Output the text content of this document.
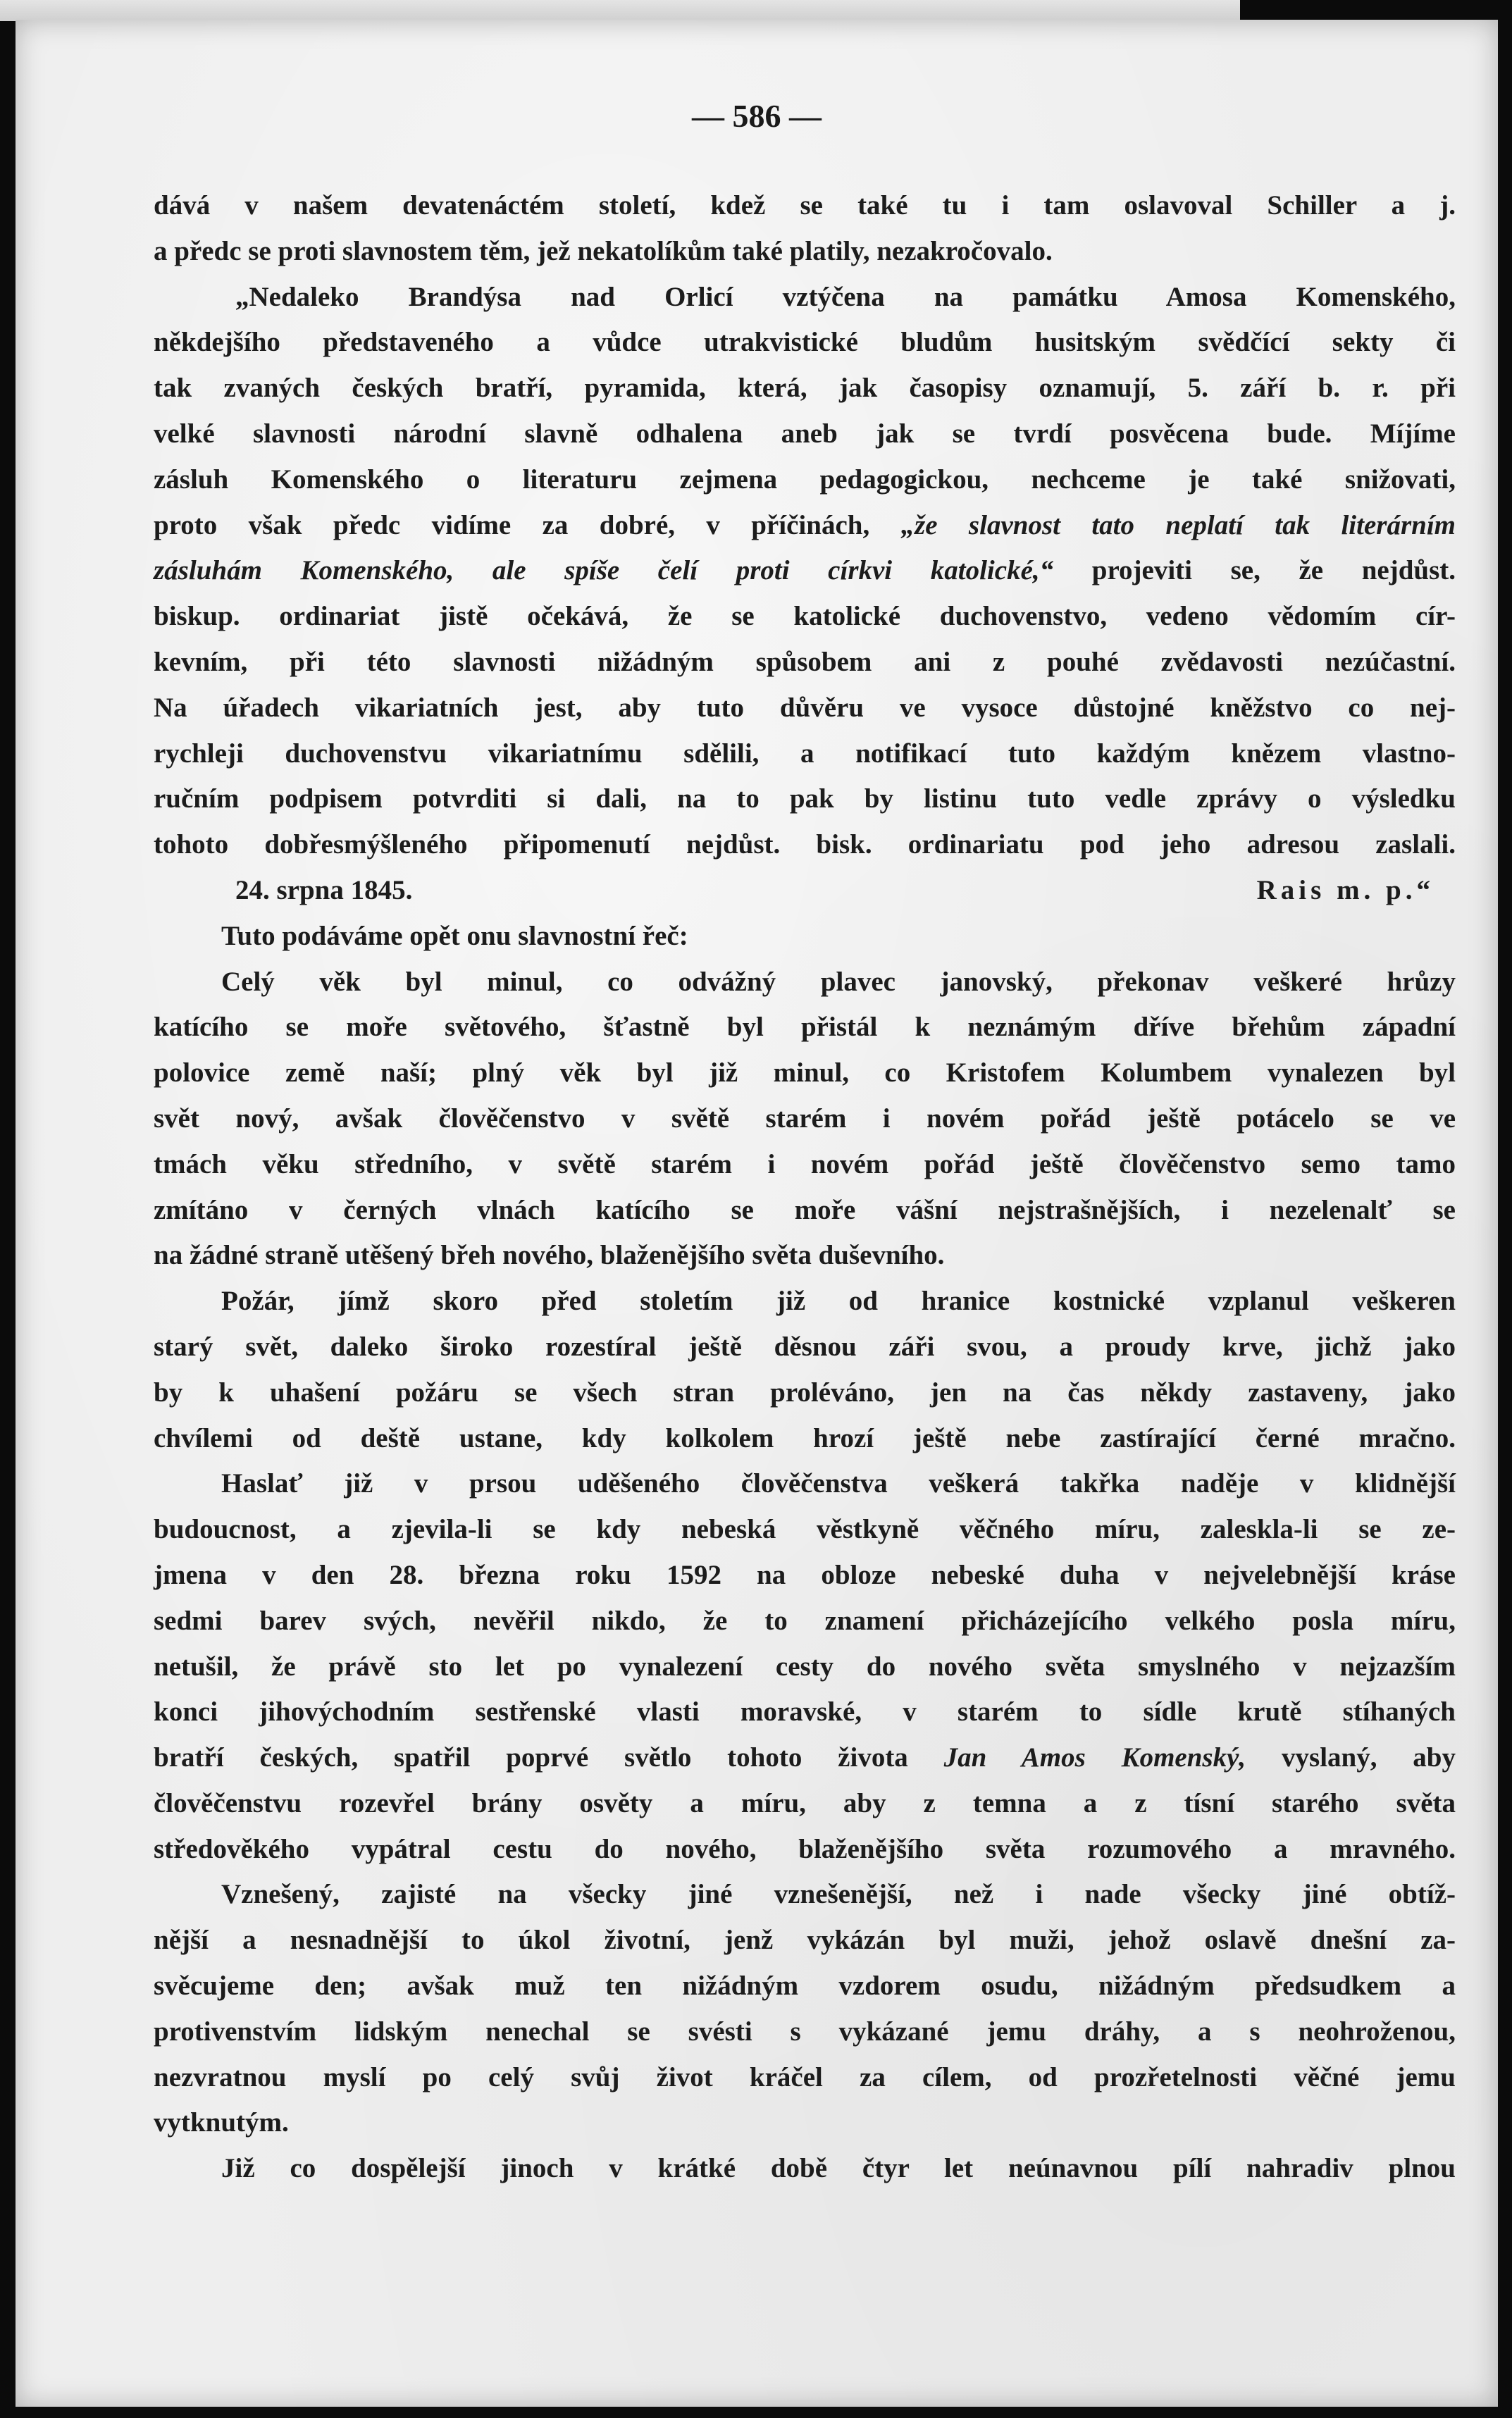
— 586 —
dává v našem devatenáctém století, kdež se také tu i tam oslavoval Schiller a j.
a předc se proti slavnostem těm, jež nekatolíkům také platily, nezakročovalo.
„Nedaleko Brandýsa nad Orlicí vztýčena na památku Amosa Komenského,
někdejšího představeného a vůdce utrakvistické bludům husitským svědčící sekty či
tak zvaných českých bratří, pyramida, která, jak časopisy oznamují, 5. září b. r. při
velké slavnosti národní slavně odhalena aneb jak se tvrdí posvěcena bude. Míjíme
zásluh Komenského o literaturu zejmena pedagogickou, nechceme je také snižovati,
proto však předc vidíme za dobré, v příčinách, „že slavnost tato neplatí tak literárním
zásluhám Komenského, ale spíše čelí proti církvi katolické,“ projeviti se, že nejdůst.
biskup. ordinariat jistě očekává, že se katolické duchovenstvo, vedeno vědomím cír-
kevním, při této slavnosti nižádným spůsobem ani z pouhé zvědavosti nezúčastní.
Na úřadech vikariatních jest, aby tuto důvěru ve vysoce důstojné kněžstvo co nej-
rychleji duchovenstvu vikariatnímu sdělili, a notifikací tuto každým knězem vlastno-
ručním podpisem potvrditi si dali, na to pak by listinu tuto vedle zprávy o výsledku
tohoto dobřesmýšleného připomenutí nejdůst. bisk. ordinariatu pod jeho adresou zaslali.
24. srpna 1845.	Rais m. p.“
Tuto podáváme opět onu slavnostní řeč:
Celý věk byl minul, co odvážný plavec janovský, překonav veškeré hrůzy
katícího se moře světového, šťastně byl přistál k neznámým dříve břehům západní
polovice země naší; plný věk byl již minul, co Kristofem Kolumbem vynalezen byl
svět nový, avšak člověčenstvo v světě starém i novém pořád ještě potácelo se ve
tmách věku středního, v světě starém i novém pořád ještě člověčenstvo semo tamo
zmítáno v černých vlnách katícího se moře vášní nejstrašnějších, i nezelenalť se
na žádné straně utěšený břeh nového, blaženějšího světa duševního.
Požár, jímž skoro před stoletím již od hranice kostnické vzplanul veškeren
starý svět, daleko široko rozestíral ještě děsnou záři svou, a proudy krve, jichž jako
by k uhašení požáru se všech stran proléváno, jen na čas někdy zastaveny, jako
chvílemi od deště ustane, kdy kolkolem hrozí ještě nebe zastírající černé mračno.
Haslať již v prsou uděšeného člověčenstva veškerá takřka naděje v klidnější
budoucnost, a zjevila-li se kdy nebeská věstkyně věčného míru, zaleskla-li se ze-
jmena v den 28. března roku 1592 na obloze nebeské duha v nejvelebnější kráse
sedmi barev svých, nevěřil nikdo, že to znamení přicházejícího velkého posla míru,
netušil, že právě sto let po vynalezení cesty do nového světa smyslného v nejzazším
konci jihovýchodním sestřenské vlasti moravské, v starém to sídle krutě stíhaných
bratří českých, spatřil poprvé světlo tohoto života Jan Amos Komenský, vyslaný, aby
člověčenstvu rozevřel brány osvěty a míru, aby z temna a z tísní starého světa
středověkého vypátral cestu do nového, blaženějšího světa rozumového a mravného.
Vznešený, zajisté na všecky jiné vznešenější, než i nade všecky jiné obtíž-
nější a nesnadnější to úkol životní, jenž vykázán byl muži, jehož oslavě dnešní za-
svěcujeme den; avšak muž ten nižádným vzdorem osudu, nižádným předsudkem a
protivenstvím lidským nenechal se svésti s vykázané jemu dráhy, a s neohroženou,
nezvratnou myslí po celý svůj život kráčel za cílem, od prozřetelnosti věčné jemu
vytknutým.
Již co dospělejší jinoch v krátké době čtyr let neúnavnou pílí nahradiv plnou
